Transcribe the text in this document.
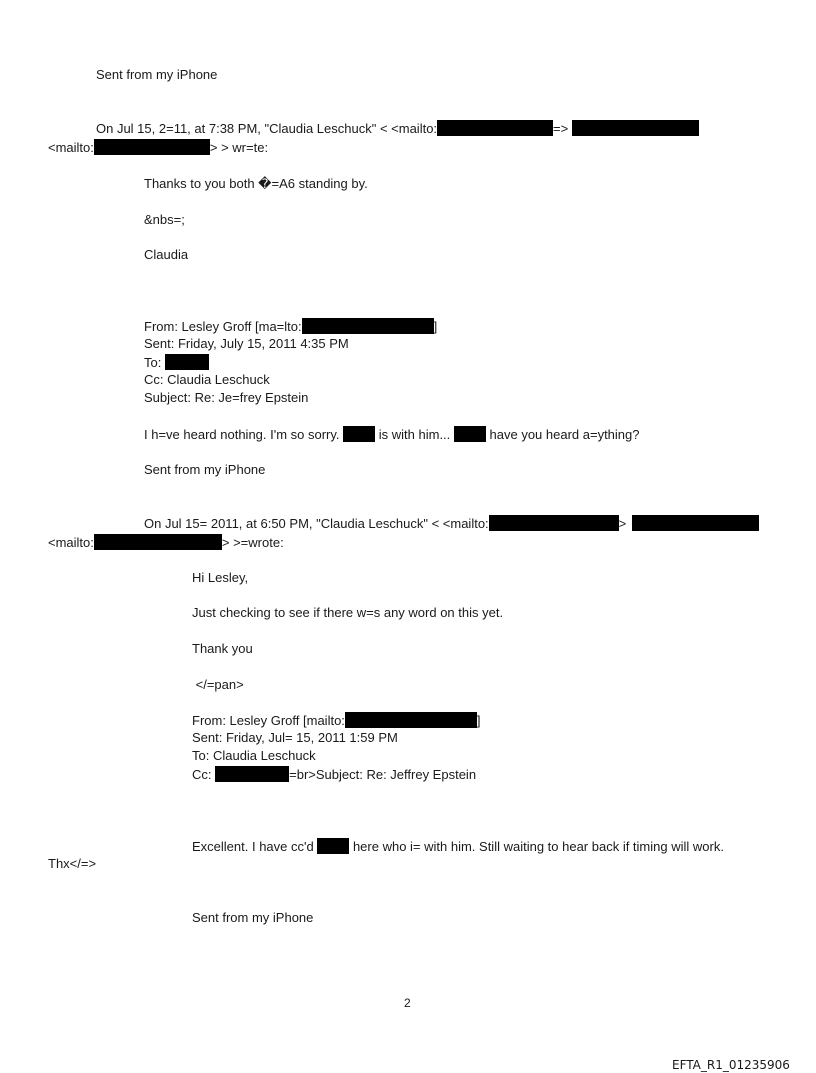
Sent from my iPhone
On Jul 15, 2=11, at 7:38 PM, "Claudia Leschuck" < <mailto:	=>
<mailto:	> > wr=te:
Thanks to you both �=A6 standing by.
&nbs=;
Claudia
From: Lesley Groff [ma=lto:	]
Sent: Friday, July 15, 2011 4:35 PM
To:
Cc: Claudia Leschuck
Subject: Re: Je=frey Epstein
I h=ve heard nothing. I'm so sorry.  is with him...  have you heard a=ything?
Sent from my iPhone
On Jul 15= 2011, at 6:50 PM, "Claudia Leschuck" < <mailto:	>
<mailto:	> >=wrote:
Hi Lesley,
Just checking to see if there w=s any word on this yet.
Thank you
</=pan>
From: Lesley Groff [mailto:	]
Sent: Friday, Jul= 15, 2011 1:59 PM
To: Claudia Leschuck
Cc:	=br>Subject: Re: Jeffrey Epstein
Excellent. I have cc'd  here who i= with him. Still waiting to hear back if timing will work.
Thx</=>
Sent from my iPhone
2
EFTA_R1_01235906
